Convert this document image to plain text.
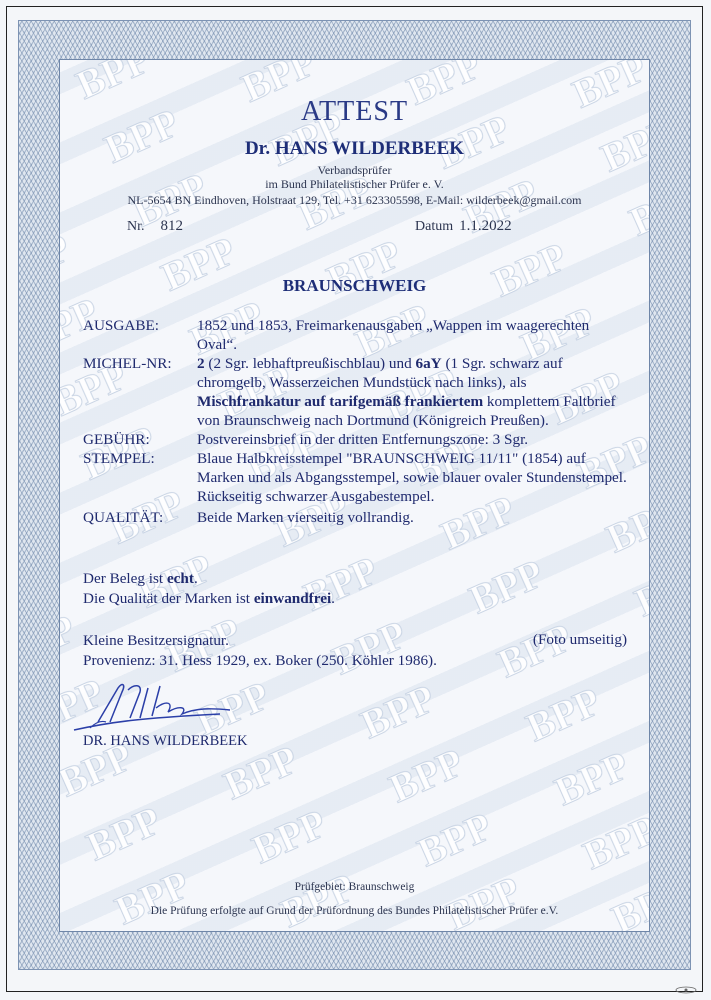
ATTEST
Dr. HANS WILDERBEEK
Verbandsprüfer
im Bund Philatelistischer Prüfer e. V.
NL-5654 BN Eindhoven, Holstraat 129, Tel. +31 623305598, E-Mail: wilderbeek@gmail.com
Nr. 812	Datum 1.1.2022
BRAUNSCHWEIG
AUSGABE:	1852 und 1853, Freimarkenausgaben „Wappen im waagerechten Oval“.
MICHEL-NR:	2 (2 Sgr. lebhaftpreußischblau) und 6aY (1 Sgr. schwarz auf chromgelb, Wasserzeichen Mundstück nach links), als Mischfrankatur auf tarifgemäß frankiertem komplettem Faltbrief von Braunschweig nach Dortmund (Königreich Preußen).
GEBÜHR:	Postvereinsbrief in der dritten Entfernungszone: 3 Sgr.
STEMPEL:	Blaue Halbkreisstempel "BRAUNSCHWEIG 11/11" (1854) auf Marken und als Abgangsstempel, sowie blauer ovaler Stundenstempel. Rückseitig schwarzer Ausgabestempel.
QUALITÄT:	Beide Marken vierseitig vollrandig.
Der Beleg ist echt.
Die Qualität der Marken ist einwandfrei.
Kleine Besitzersignatur.	(Foto umseitig)
Provenienz: 31. Hess 1929, ex. Boker (250. Köhler 1986).
DR. HANS WILDERBEEK
Prüfgebiet: Braunschweig
Die Prüfung erfolgte auf Grund der Prüfordnung des Bundes Philatelistischer Prüfer e.V.
